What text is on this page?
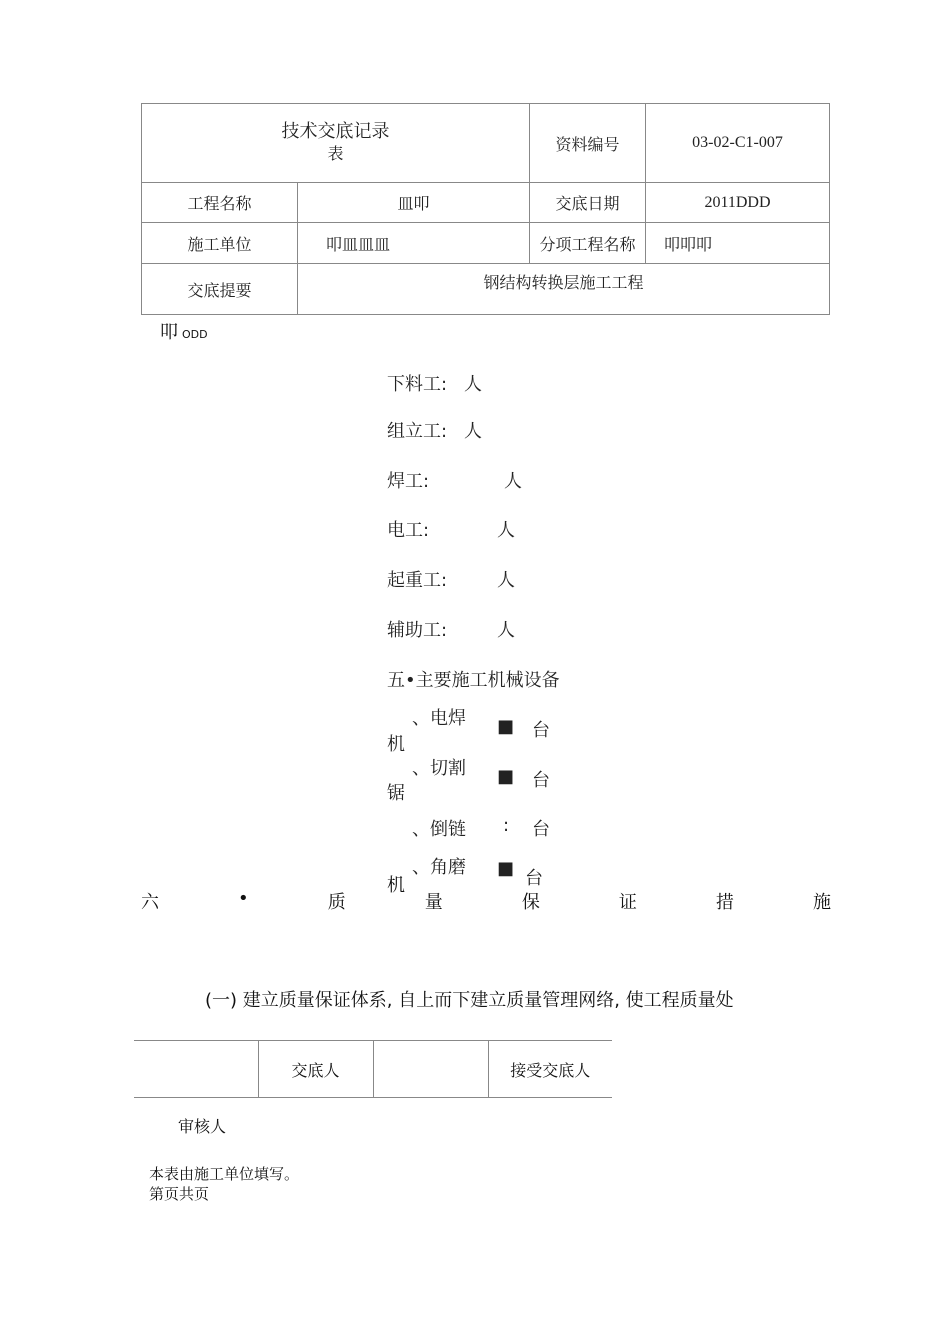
技术交底记录
表		资料编号	03-02-C1-007
工程名称	皿叩	交底日期	2011DDD
施工单位	叩皿皿皿	分项工程名称	叩叩叩
交底提要	钢结构转换层施工工程		
叩ODD
下料工: 人
组立工: 人
焊工:	人
电工:	人
起重工:	人
辅助工:	人
五•主要施工机械设备
、电焊
机
■ 台
、切割
锯
■ 台
、倒链 : 台
、角磨
机
■ 台
六	•	质	量	保	证	措	施
(一) 建立质量保证体系, 自上而下建立质量管理网络, 使工程质量处
	交底人		接受交底人
审核人
本表由施工单位填写。
第页共页
